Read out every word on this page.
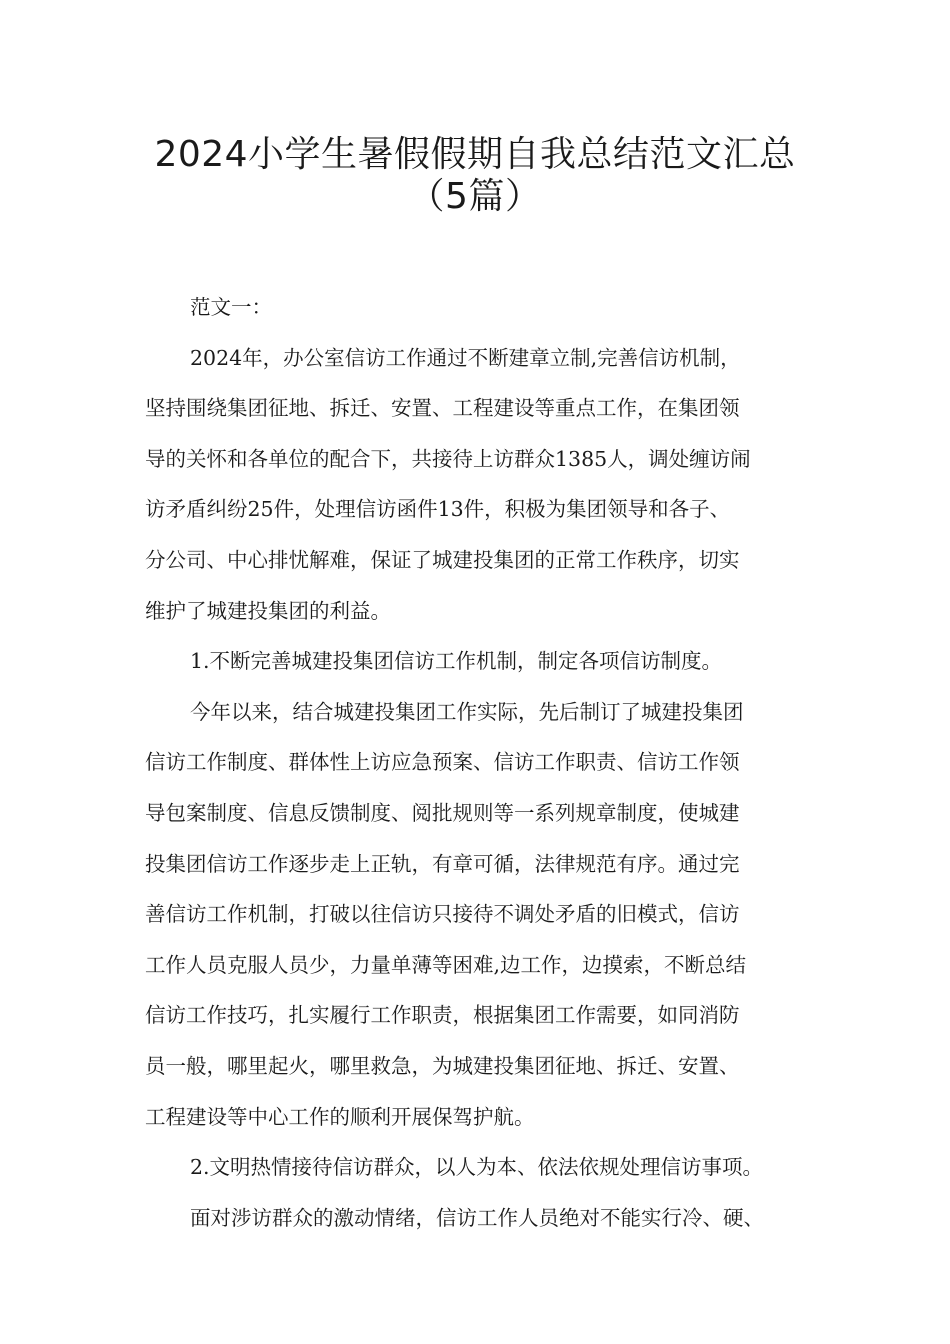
2024小学生暑假假期自我总结范文汇总
（5篇）

范文一：

2024年，办公室信访工作通过不断建章立制,完善信访机制，

坚持围绕集团征地、拆迁、安置、工程建设等重点工作，在集团领

导的关怀和各单位的配合下，共接待上访群众1385人，调处缠访闹

访矛盾纠纷25件，处理信访函件13件，积极为集团领导和各子、

分公司、中心排忧解难，保证了城建投集团的正常工作秩序，切实

维护了城建投集团的利益。

1.不断完善城建投集团信访工作机制，制定各项信访制度。

今年以来，结合城建投集团工作实际，先后制订了城建投集团

信访工作制度、群体性上访应急预案、信访工作职责、信访工作领

导包案制度、信息反馈制度、阅批规则等一系列规章制度，使城建

投集团信访工作逐步走上正轨，有章可循，法律规范有序。通过完

善信访工作机制，打破以往信访只接待不调处矛盾的旧模式，信访

工作人员克服人员少，力量单薄等困难,边工作，边摸索，不断总结

信访工作技巧，扎实履行工作职责，根据集团工作需要，如同消防

员一般，哪里起火，哪里救急，为城建投集团征地、拆迁、安置、

工程建设等中心工作的顺利开展保驾护航。

2.文明热情接待信访群众，以人为本、依法依规处理信访事项。

面对涉访群众的激动情绪，信访工作人员绝对不能实行冷、硬、
